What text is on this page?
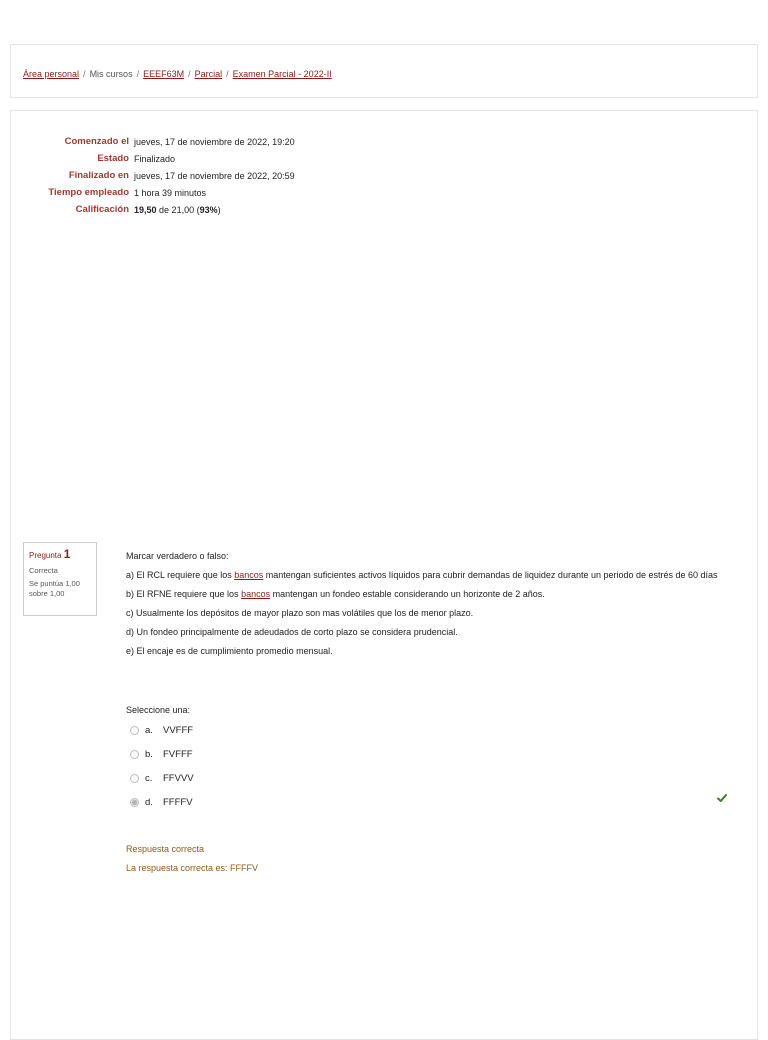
Área personal / Mis cursos / EEEF63M / Parcial / Examen Parcial - 2022-II
Comenzado el	jueves, 17 de noviembre de 2022, 19:20
Estado	Finalizado
Finalizado en	jueves, 17 de noviembre de 2022, 20:59
Tiempo empleado	1 hora 39 minutos
Calificación	19,50 de 21,00 (93%)
Pregunta 1
Correcta
Se puntúa 1,00 sobre 1,00

Marcar verdadero o falso:

a) El RCL requiere que los bancos mantengan suficientes activos líquidos para cubrir demandas de liquidez durante un periodo de estrés de 60 días

b) El RFNE requiere que los bancos mantengan un fondeo estable considerando un horizonte de 2 años.

c) Usualmente los depósitos de mayor plazo son mas volátiles que los de menor plazo.

d) Un fondeo principalmente de adeudados de corto plazo se considera prudencial.

e) El encaje es de cumplimiento promedio mensual.

Seleccione una:
a.	VVFFF
b.	FVFFF
c.	FFVVV
d.	FFFFV
Respuesta correcta
La respuesta correcta es: FFFFV
